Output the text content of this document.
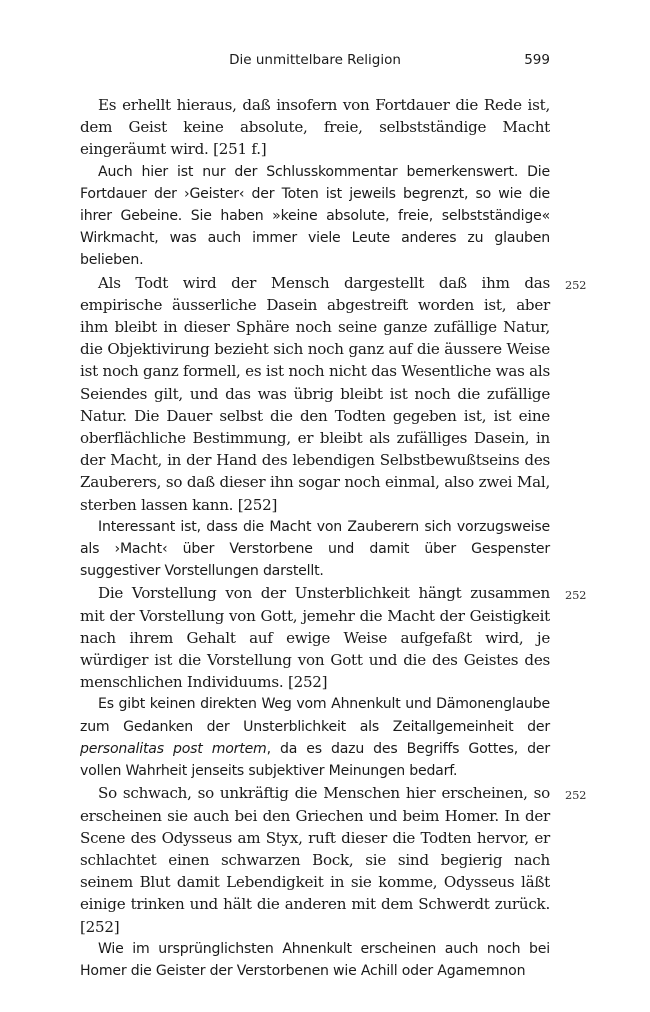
Die unmittelbare Religion	599

Es erhellt hieraus, daß insofern von Fortdauer die Rede ist, dem Geist keine absolute, freie, selbstständige Macht eingeräumt wird. [251 f.]

Auch hier ist nur der Schlusskommentar bemerkenswert. Die Fortdauer der ›Geister‹ der Toten ist jeweils begrenzt, so wie die ihrer Gebeine. Sie haben »keine absolute, freie, selbstständige« Wirkmacht, was auch immer viele Leute anderes zu glauben belieben.

252
Als Todt wird der Mensch dargestellt daß ihm das empirische äusserliche Dasein abgestreift worden ist, aber ihm bleibt in dieser Sphäre noch seine ganze zufällige Natur, die Objektivirung bezieht sich noch ganz auf die äussere Weise ist noch ganz formell, es ist noch nicht das Wesentliche was als Seiendes gilt, und das was übrig bleibt ist noch die zufällige Natur. Die Dauer selbst die den Todten gegeben ist, ist eine oberflächliche Bestimmung, er bleibt als zufälliges Dasein, in der Macht, in der Hand des lebendigen Selbstbewußtseins des Zauberers, so daß dieser ihn sogar noch einmal, also zwei Mal, sterben lassen kann. [252]

Interessant ist, dass die Macht von Zauberern sich vorzugsweise als ›Macht‹ über Verstorbene und damit über Gespenster suggestiver Vorstellungen darstellt.

252
Die Vorstellung von der Unsterblichkeit hängt zusammen mit der Vorstellung von Gott, jemehr die Macht der Geistigkeit nach ihrem Gehalt auf ewige Weise aufgefaßt wird, je würdiger ist die Vorstellung von Gott und die des Geistes des menschlichen Individuums. [252]

Es gibt keinen direkten Weg vom Ahnenkult und Dämonenglaube zum Gedanken der Unsterblichkeit als Zeitallgemeinheit der personalitas post mortem, da es dazu des Begriffs Gottes, der vollen Wahrheit jenseits subjektiver Meinungen bedarf.

252
So schwach, so unkräftig die Menschen hier erscheinen, so erscheinen sie auch bei den Griechen und beim Homer. In der Scene des Odysseus am Styx, ruft dieser die Todten hervor, er schlachtet einen schwarzen Bock, sie sind begierig nach seinem Blut damit Lebendigkeit in sie komme, Odysseus läßt einige trinken und hält die anderen mit dem Schwerdt zurück. [252]

Wie im ursprünglichsten Ahnenkult erscheinen auch noch bei Homer die Geister der Verstorbenen wie Achill oder Agamemnon
